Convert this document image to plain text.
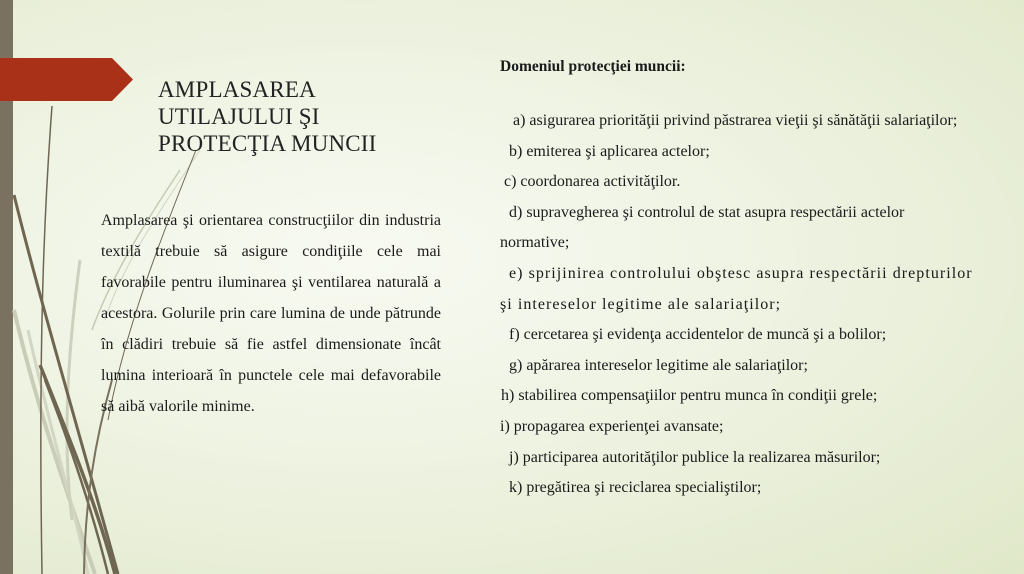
AMPLASAREA
UTILAJULUI ŞI
PROTECŢIA MUNCII
Amplasarea şi orientarea construcţiilor din industria textilă trebuie să asigure condiţiile cele mai favorabile pentru iluminarea şi ventilarea naturală a acestora. Golurile prin care lumina de unde pătrunde în clădiri trebuie să fie astfel dimensionate încât lumina interioară în punctele cele mai defavorabile să aibă valorile minime.
Domeniul protecţiei muncii:
a) asigurarea priorităţii privind păstrarea vieţii şi sănătăţii salariaţilor;
b) emiterea şi aplicarea actelor;
c) coordonarea activităţilor.
d) supravegherea şi controlul de stat asupra respectării actelor
normative;
e) sprijinirea controlului obştesc asupra respectării drepturilor
şi intereselor legitime ale salariaţilor;
f) cercetarea şi evidenţa accidentelor de muncă şi a bolilor;
g) apărarea intereselor legitime ale salariaţilor;
h) stabilirea compensaţiilor pentru munca în condiţii grele;
i) propagarea experienţei avansate;
j) participarea autorităţilor publice la realizarea măsurilor;
k) pregătirea şi reciclarea specialiştilor;
